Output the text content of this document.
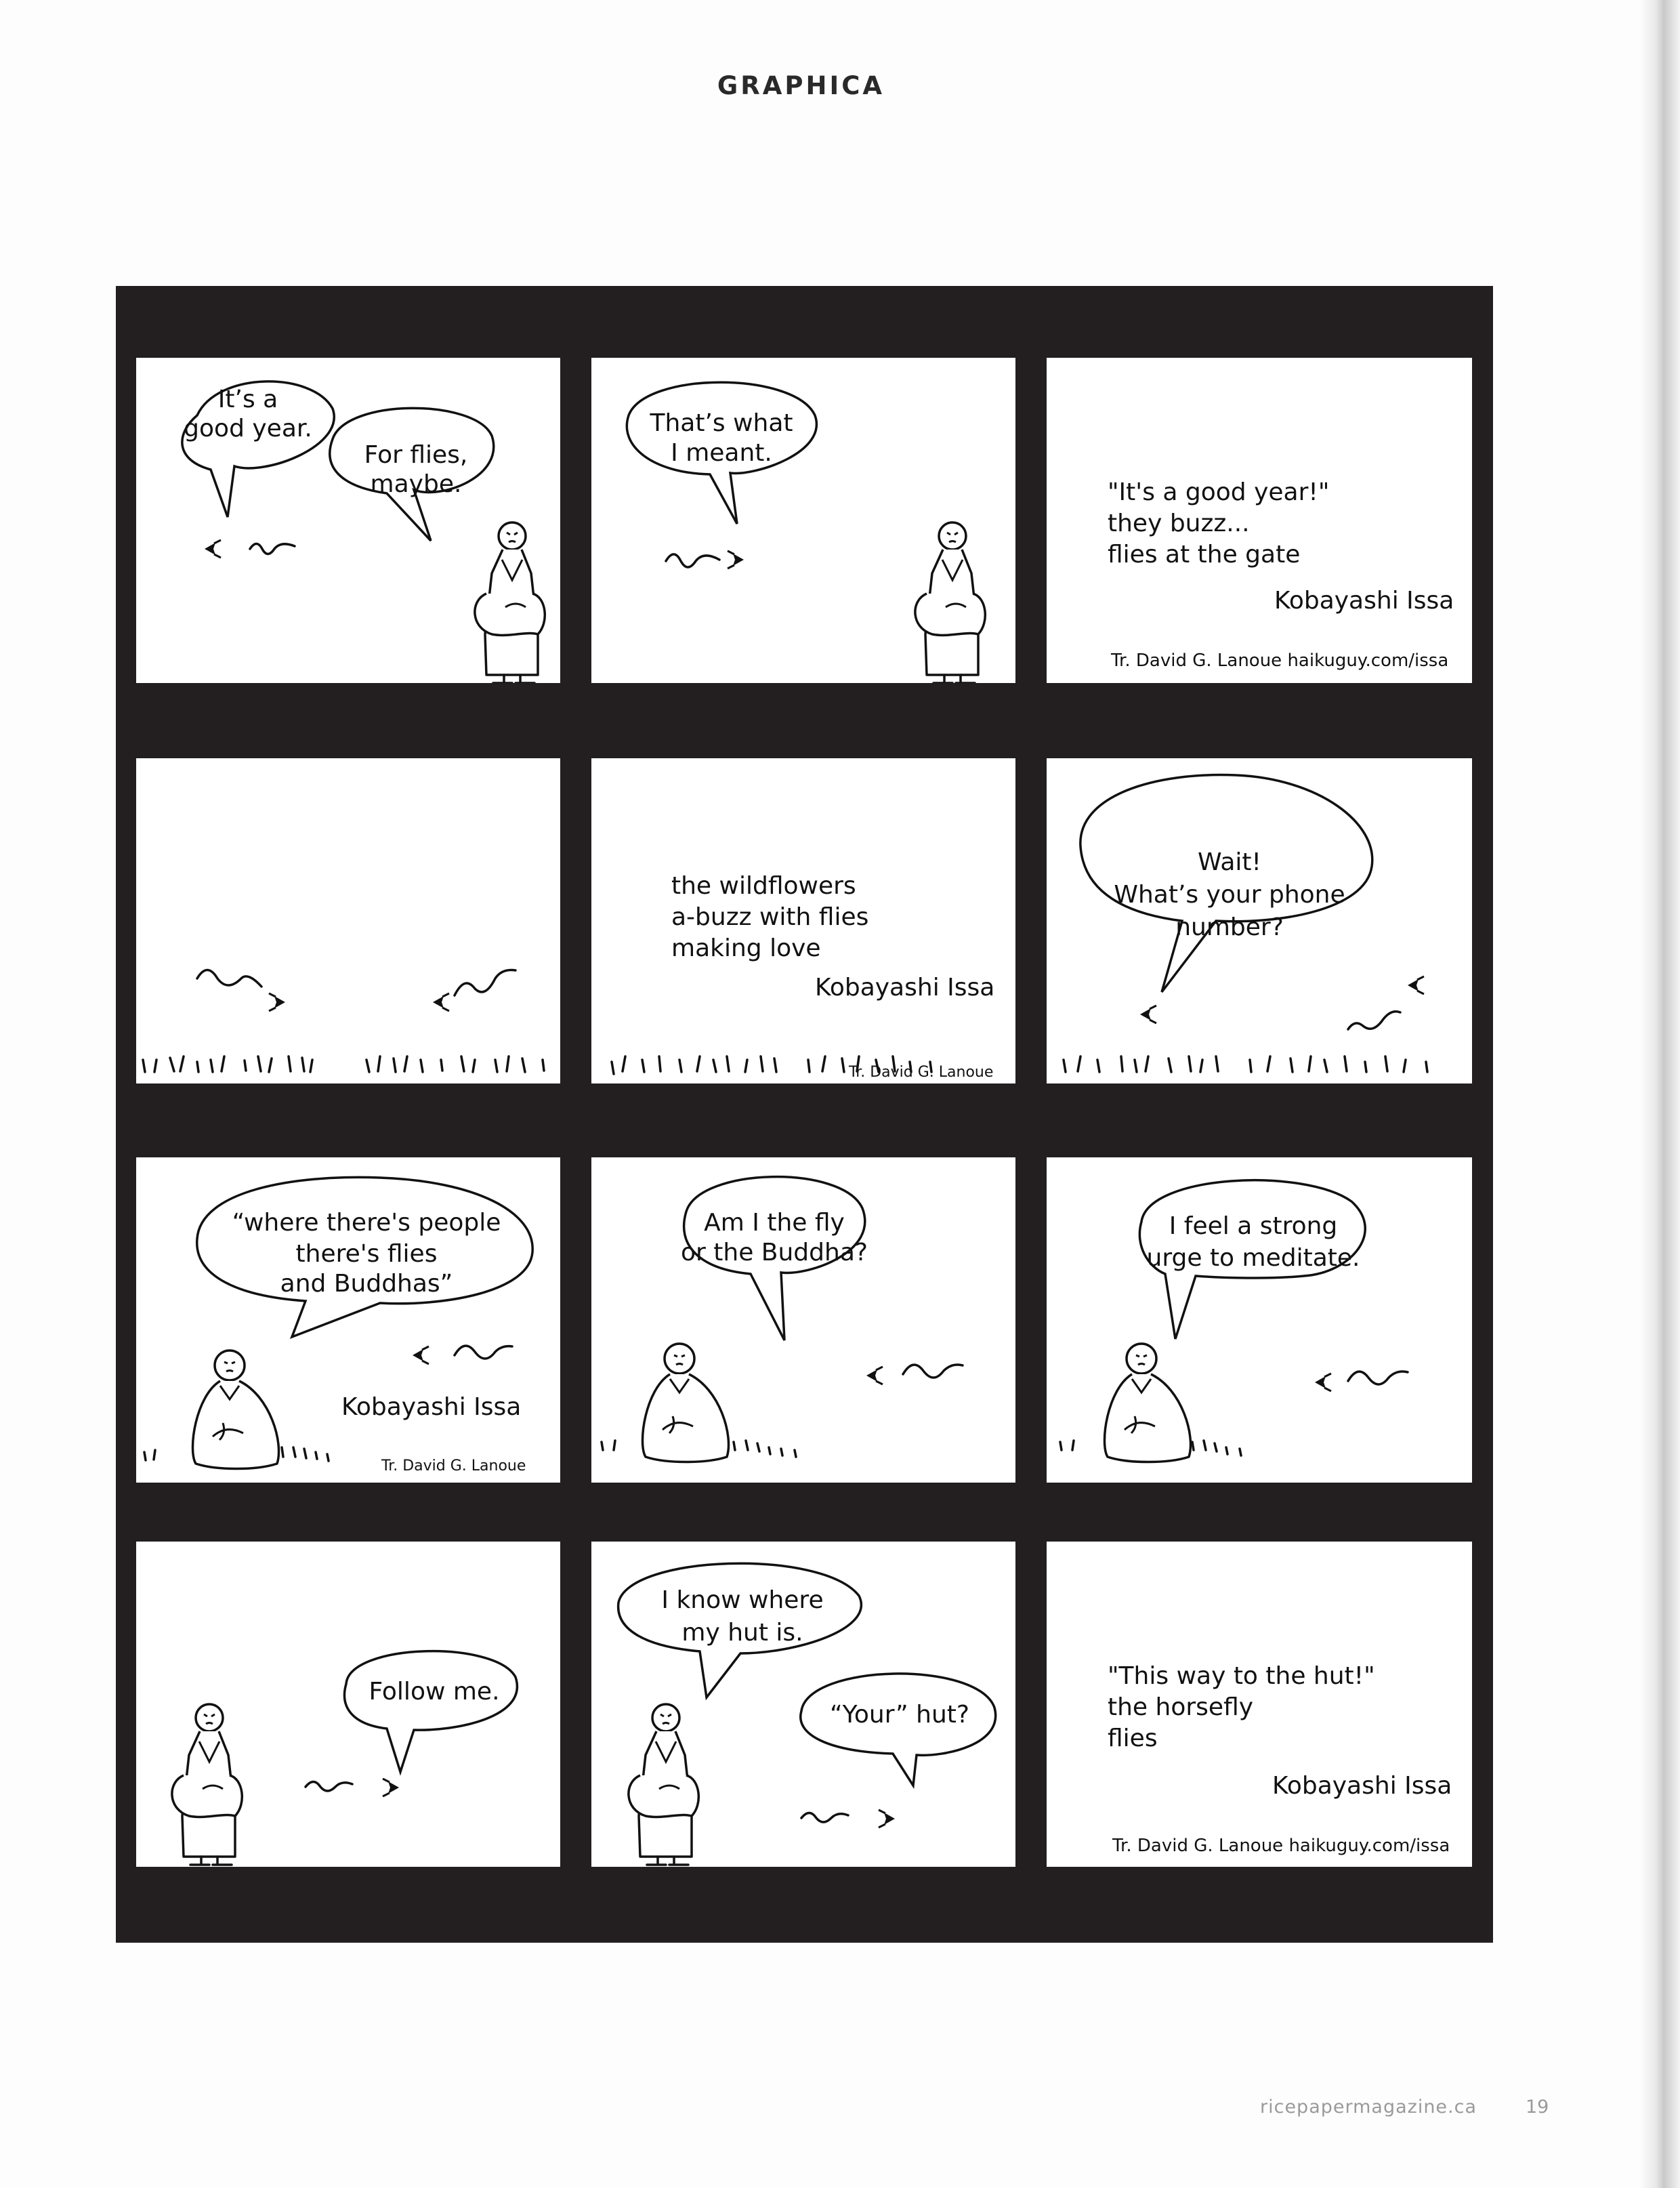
GRAPHICA
It’s a
good year.
For flies,
maybe.
That’s what
I meant.
"It's a good year!"
they buzz...
flies at the gate
Kobayashi Issa
Tr. David G. Lanoue haikuguy.com/issa
the wildflowers
a-buzz with flies
making love
Kobayashi Issa
Tr. David G. Lanoue
Wait!
What’s your phone
number?
“where there's people
there's flies
and Buddhas”
Kobayashi Issa
Tr. David G. Lanoue
Am I the fly
or the Buddha?
I feel a strong
urge to meditate.
Follow me.
I know where
my hut is.
“Your” hut?
"This way to the hut!"
the horsefly
flies
Kobayashi Issa
Tr. David G. Lanoue haikuguy.com/issa
ricepapermagazine.ca	19
